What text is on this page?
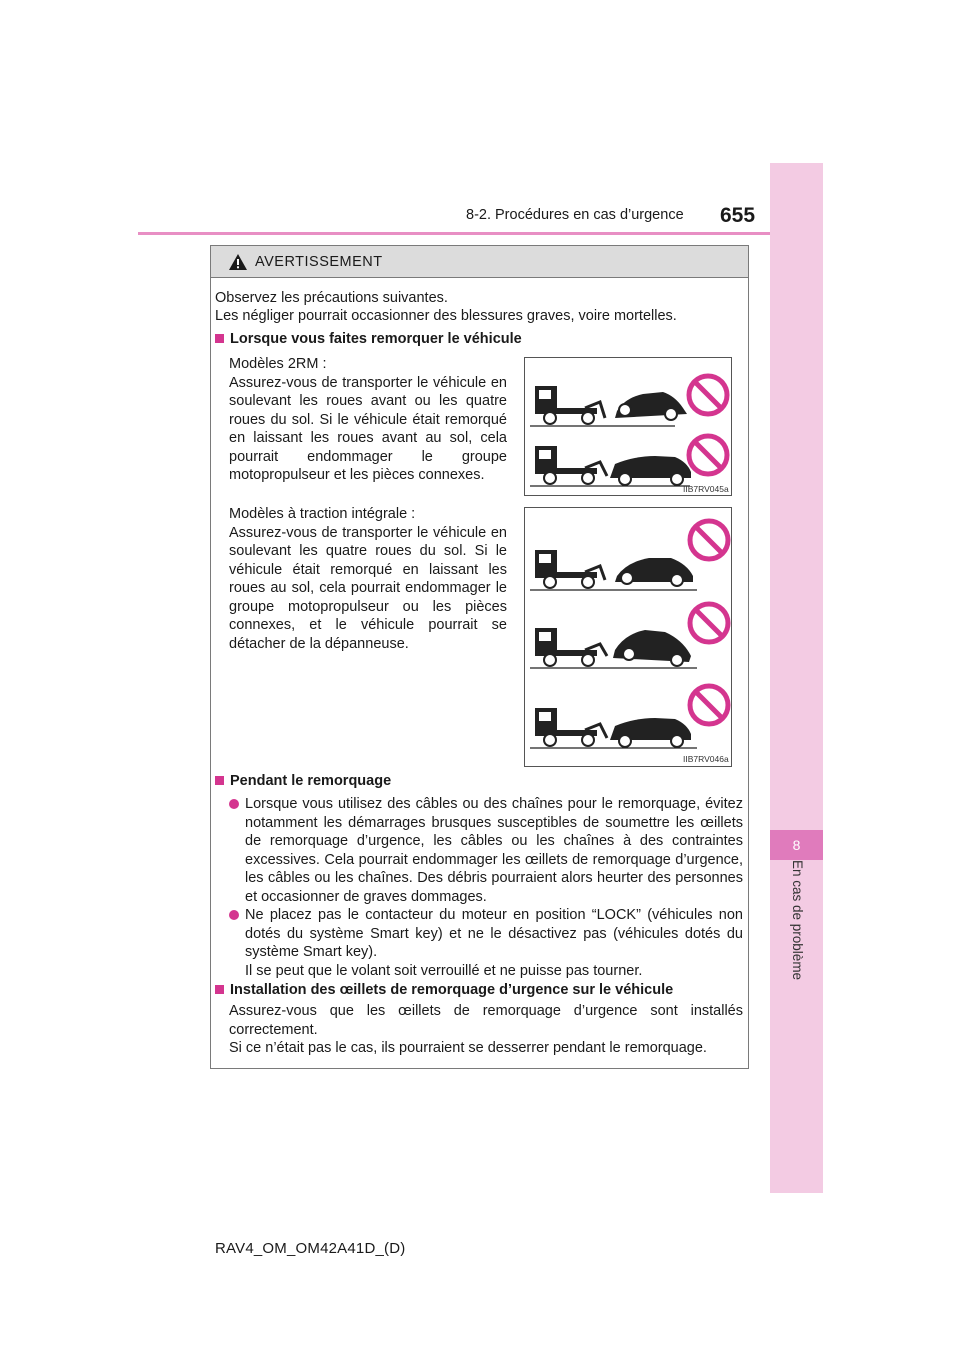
8-2. Procédures en cas d’urgence	655
8
En cas de problème
AVERTISSEMENT
Observez les précautions suivantes.
Les négliger pourrait occasionner des blessures graves, voire mortelles.
Lorsque vous faites remorquer le véhicule
Modèles 2RM :
Assurez-vous de transporter le véhicule en soulevant les roues avant ou les quatre roues du sol. Si le véhicule était remorqué en laissant les roues avant au sol, cela pourrait endommager le groupe motopropulseur et les pièces connexes.
IIB7RV045a
Modèles à traction intégrale :
Assurez-vous de transporter le véhicule en soulevant les quatre roues du sol. Si le véhicule était remorqué en laissant les roues au sol, cela pourrait endommager le groupe motopropulseur ou les pièces connexes, et le véhicule pourrait se détacher de la dépanneuse.
IIB7RV046a
Pendant le remorquage
Lorsque vous utilisez des câbles ou des chaînes pour le remorquage, évitez notamment les démarrages brusques susceptibles de soumettre les œillets de remorquage d’urgence, les câbles ou les chaînes à des contraintes excessives. Cela pourrait endommager les œillets de remorquage d’urgence, les câbles ou les chaînes. Des débris pourraient alors heurter des personnes et occasionner de graves dommages.
Ne placez pas le contacteur du moteur en position “LOCK” (véhicules non dotés du système Smart key) et ne le désactivez pas (véhicules dotés du système Smart key).
Il se peut que le volant soit verrouillé et ne puisse pas tourner.
Installation des œillets de remorquage d’urgence sur le véhicule
Assurez-vous que les œillets de remorquage d’urgence sont installés correctement.
Si ce n’était pas le cas, ils pourraient se desserrer pendant le remorquage.
RAV4_OM_OM42A41D_(D)
